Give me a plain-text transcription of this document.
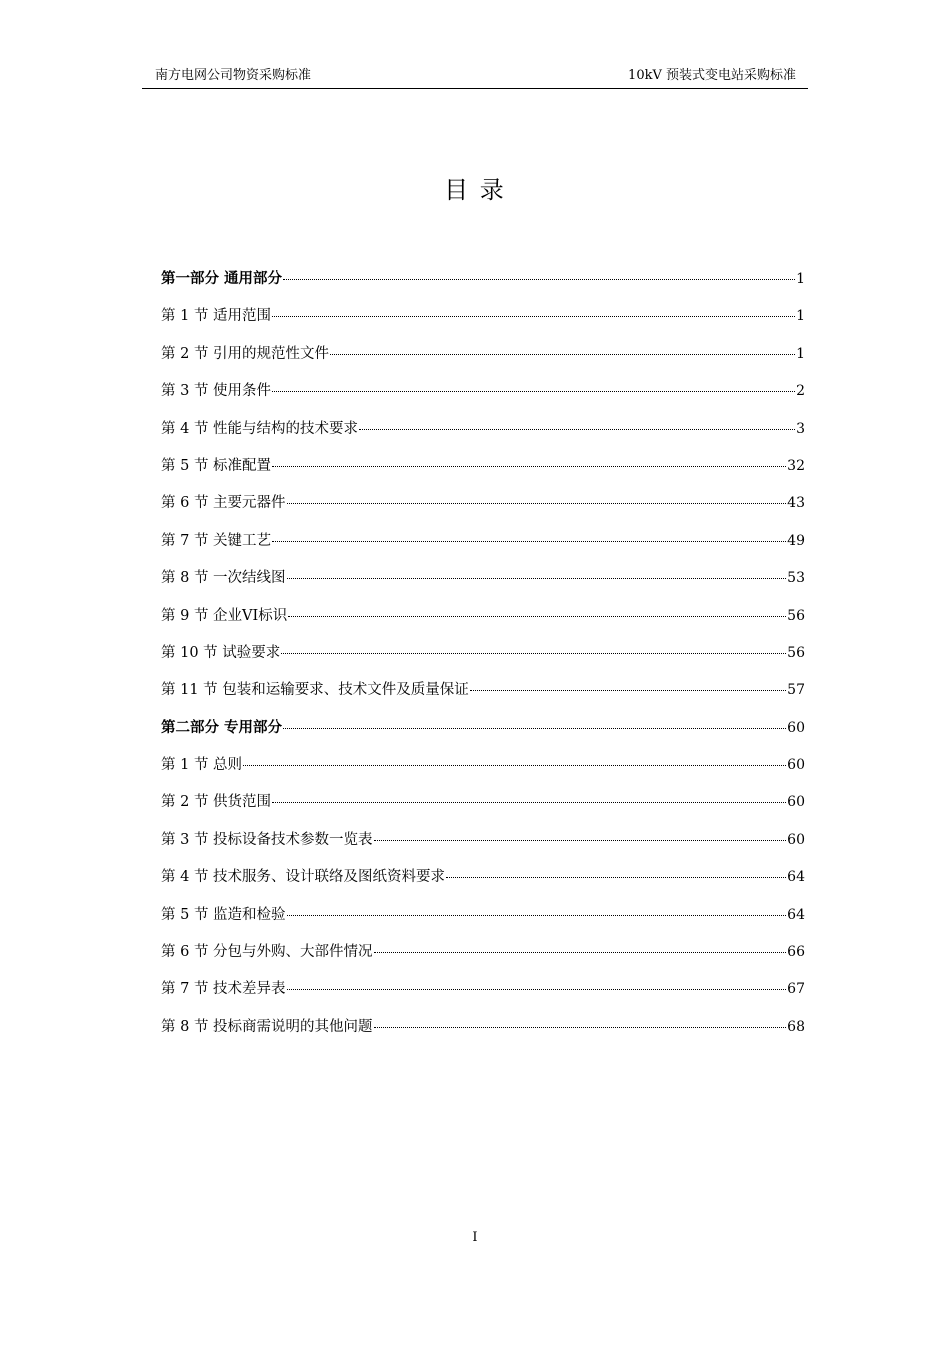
南方电网公司物资采购标准	10kV 预装式变电站采购标准
目 录
第一部分 通用部分	1
第 1 节 适用范围	1
第 2 节 引用的规范性文件	1
第 3 节 使用条件	2
第 4 节 性能与结构的技术要求	3
第 5 节 标准配置	32
第 6 节 主要元器件	43
第 7 节 关键工艺	49
第 8 节 一次结线图	53
第 9 节 企业VI标识	56
第 10 节 试验要求	56
第 11 节 包装和运输要求、技术文件及质量保证	57
第二部分 专用部分	60
第 1 节 总则	60
第 2 节 供货范围	60
第 3 节 投标设备技术参数一览表	60
第 4 节 技术服务、设计联络及图纸资料要求	64
第 5 节 监造和检验	64
第 6 节 分包与外购、大部件情况	66
第 7 节 技术差异表	67
第 8 节 投标商需说明的其他问题	68
I
